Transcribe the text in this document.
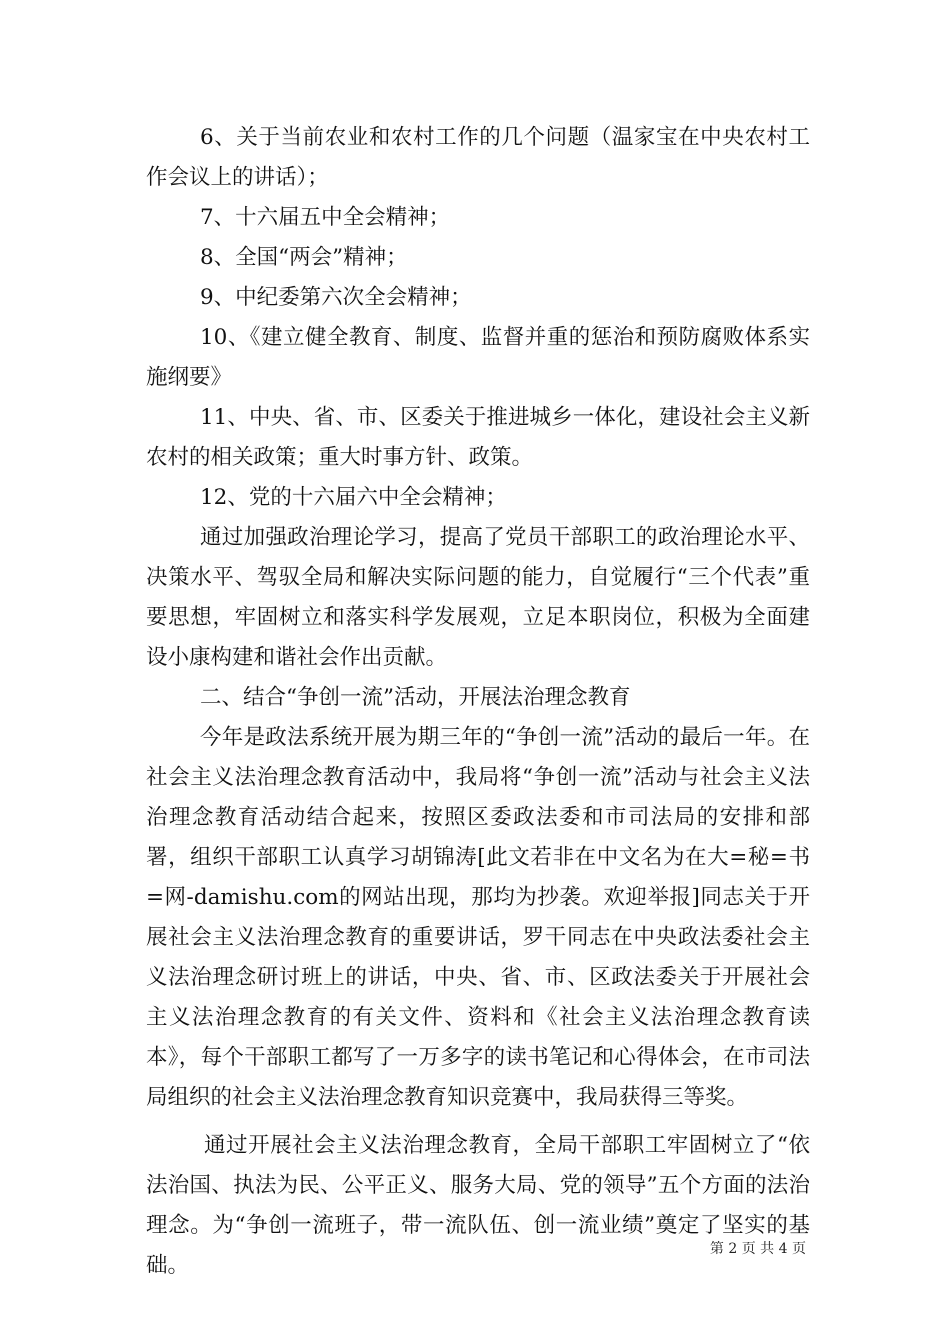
6、关于当前农业和农村工作的几个问题（温家宝在中央农村工作会议上的讲话）；

7、十六届五中全会精神；

8、全国“两会”精神；

9、中纪委第六次全会精神；

10、《建立健全教育、制度、监督并重的惩治和预防腐败体系实施纲要》

11、中央、省、市、区委关于推进城乡一体化，建设社会主义新农村的相关政策；重大时事方针、政策。

12、党的十六届六中全会精神；

通过加强政治理论学习，提高了党员干部职工的政治理论水平、决策水平、驾驭全局和解决实际问题的能力，自觉履行“三个代表”重要思想，牢固树立和落实科学发展观，立足本职岗位，积极为全面建设小康构建和谐社会作出贡献。

二、结合“争创一流”活动，开展法治理念教育

今年是政法系统开展为期三年的“争创一流”活动的最后一年。在社会主义法治理念教育活动中，我局将“争创一流”活动与社会主义法治理念教育活动结合起来，按照区委政法委和市司法局的安排和部署，组织干部职工认真学习胡锦涛[此文若非在中文名为在大=秘=书=网-damishu.com的网站出现，那均为抄袭。欢迎举报]同志关于开展社会主义法治理念教育的重要讲话，罗干同志在中央政法委社会主义法治理念研讨班上的讲话，中央、省、市、区政法委关于开展社会主义法治理念教育的有关文件、资料和《社会主义法治理念教育读本》，每个干部职工都写了一万多字的读书笔记和心得体会，在市司法局组织的社会主义法治理念教育知识竞赛中，我局获得三等奖。

通过开展社会主义法治理念教育，全局干部职工牢固树立了“依法治国、执法为民、公平正义、服务大局、党的领导”五个方面的法治理念。为“争创一流班子，带一流队伍、创一流业绩”奠定了坚实的基础。

第 2 页 共 4 页
